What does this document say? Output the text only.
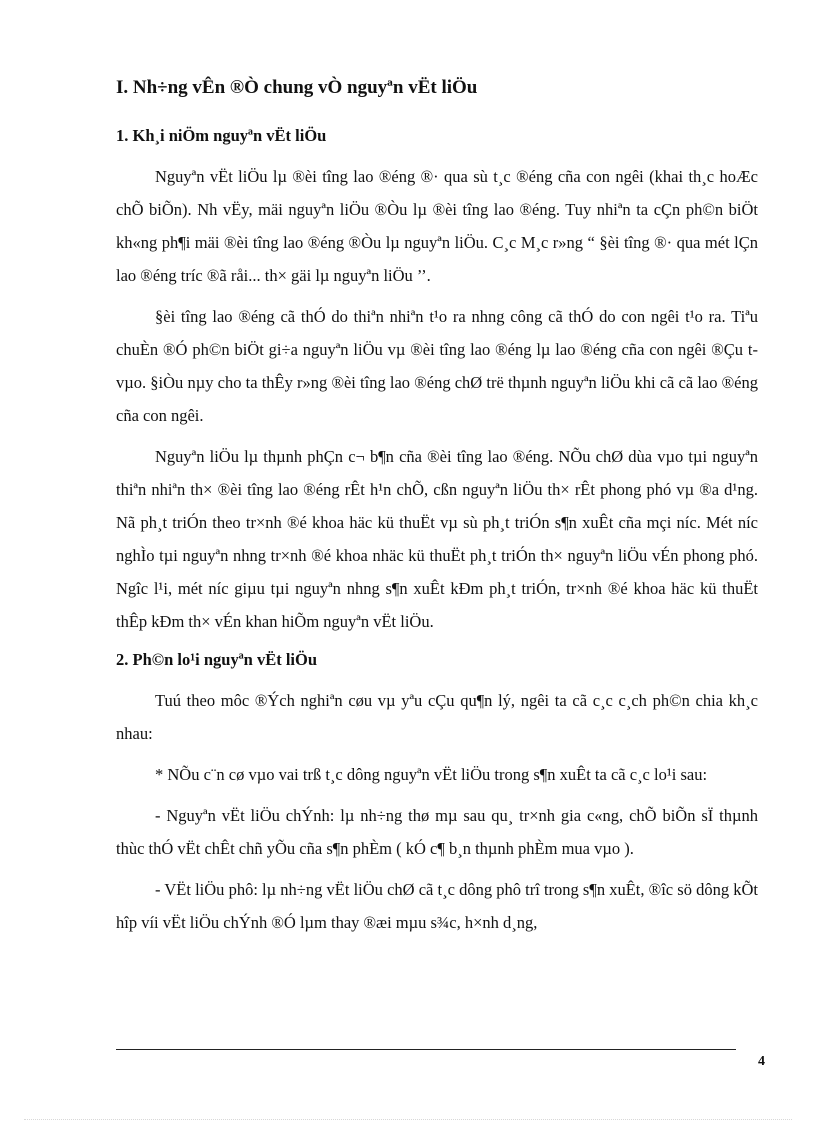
I. Nh÷ng vÊn ®Ò chung vÒ nguyªn vËt liÖu
1. Kh¸i niÖm nguyªn vËt liÖu

Nguyªn vËt liÖu lµ ®èi tîng lao ®éng ®· qua sù t¸c ®éng cña con ngêi (khai th¸c hoÆc chÕ biÕn). Nh vËy, mäi nguyªn liÖu ®Òu lµ ®èi tîng lao ®éng. Tuy nhiªn ta cÇn ph©n biÖt kh«ng ph¶i mäi ®èi tîng lao ®éng ®Òu lµ nguyªn liÖu. C¸c M¸c r»ng “ §èi tîng ®· qua mét lÇn lao ®éng tríc ®ã råi... th× gäi lµ nguyªn liÖu ’’.

§èi tîng lao ®éng cã thÓ do thiªn nhiªn t¹o ra nhng công cã thÓ do con ngêi t¹o ra. Tiªu chuÈn ®Ó ph©n biÖt gi÷a nguyªn liÖu vµ ®èi tîng lao ®éng lµ lao ®éng cña con ngêi ®Çu t vµo. §iÒu nµy cho ta thÊy r»ng ®èi tîng lao ®éng chØ trë thµnh nguyªn liÖu khi cã cã lao ®éng cña con ngêi.

Nguyªn liÖu lµ thµnh phÇn c¬ b¶n cña ®èi tîng lao ®éng. NÕu chØ dùa vµo tµi nguyªn thiªn nhiªn th× ®èi tîng lao ®éng rÊt h¹n chÕ, cßn nguyªn liÖu th× rÊt phong phó vµ ®a d¹ng. Nã ph¸t triÓn theo tr×nh ®é khoa häc kü thuËt vµ sù ph¸t triÓn s¶n xuÊt cña mçi níc. Mét níc nghÌo tµi nguyªn nhng tr×nh ®é khoa nhäc kü thuËt ph¸t triÓn th× nguyªn liÖu vÉn phong phó. Ngîc l¹i, mét níc giµu tµi nguyªn nhng s¶n xuÊt kÐm ph¸t triÓn, tr×nh ®é khoa häc kü thuËt thÊp kÐm th× vÉn khan hiÕm nguyªn vËt liÖu.

2. Ph©n lo¹i nguyªn vËt liÖu

Tuú theo môc ®Ých nghiªn cøu vµ yªu cÇu qu¶n lý, ngêi ta cã c¸c c¸ch ph©n chia kh¸c nhau:

* NÕu c¨n cø vµo vai trß t¸c dông nguyªn vËt liÖu trong s¶n xuÊt ta cã c¸c lo¹i sau:

- Nguyªn vËt liÖu chÝnh: lµ nh÷ng thø mµ sau qu¸ tr×nh gia c«ng, chÕ biÕn sÏ thµnh thùc thÓ vËt chÊt chñ yÕu cña s¶n phÈm ( kÓ c¶ b¸n thµnh phÈm mua vµo ).

- VËt liÖu phô: lµ nh÷ng vËt liÖu chØ cã t¸c dông phô trî trong s¶n xuÊt, ®îc sö dông kÕt hîp víi vËt liÖu chÝnh ®Ó lµm thay ®æi mµu s¾c, h×nh d¸ng,

4
